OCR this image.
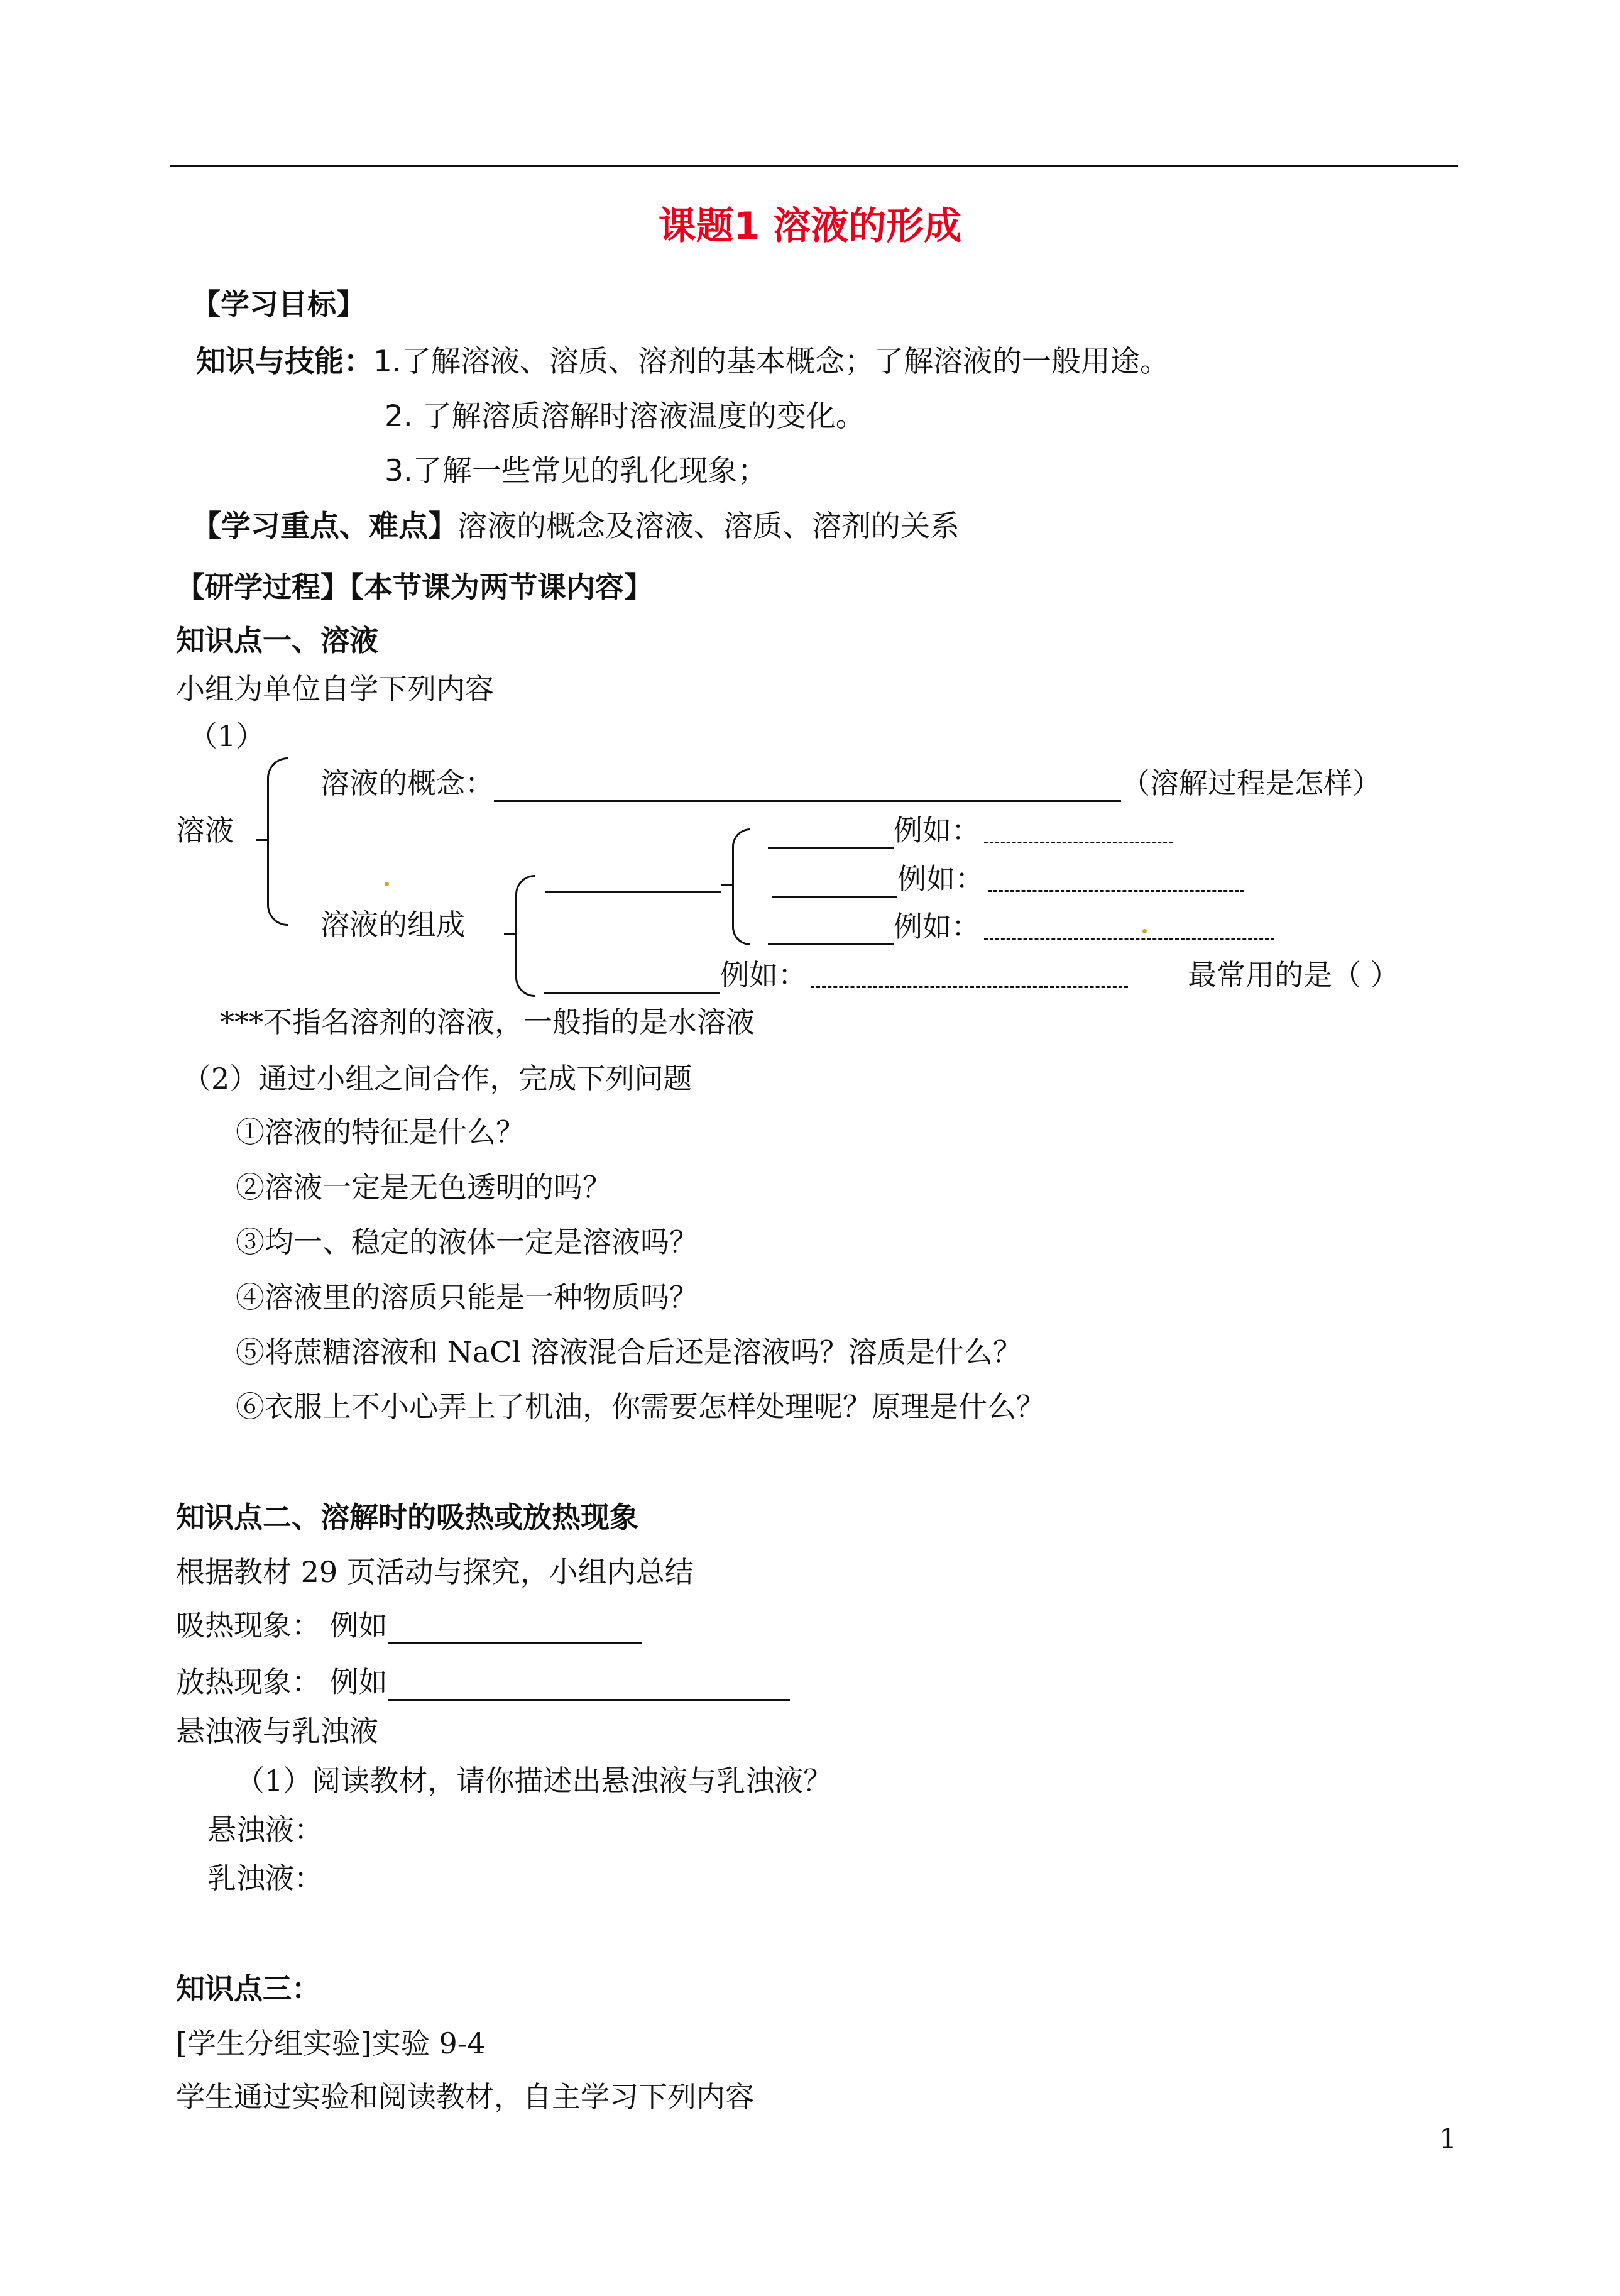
课题1 溶液的形成
【学习目标】
知识与技能：1.了解溶液、溶质、溶剂的基本概念；了解溶液的一般用途。
2. 了解溶质溶解时溶液温度的变化。
3.了解一些常见的乳化现象；
【学习重点、难点】溶液的概念及溶液、溶质、溶剂的关系
【研学过程】【本节课为两节课内容】
知识点一、溶液
小组为单位自学下列内容
（1）
溶液
溶液的概念：	（溶解过程是怎样）
溶液的组成
例如：
例如：
例如：
例如：	最常用的是（ ）
***不指名溶剂的溶液，一般指的是水溶液
（2）通过小组之间合作，完成下列问题
①溶液的特征是什么？
②溶液一定是无色透明的吗？
③均一、稳定的液体一定是溶液吗？
④溶液里的溶质只能是一种物质吗？
⑤将蔗糖溶液和 NaCl 溶液混合后还是溶液吗？溶质是什么？
⑥衣服上不小心弄上了机油，你需要怎样处理呢？原理是什么？
知识点二、溶解时的吸热或放热现象
根据教材 29 页活动与探究，小组内总结
吸热现象： 例如
放热现象： 例如
悬浊液与乳浊液
（1）阅读教材，请你描述出悬浊液与乳浊液？
悬浊液：
乳浊液：
知识点三：
[学生分组实验]实验 9-4
学生通过实验和阅读教材，自主学习下列内容
1
